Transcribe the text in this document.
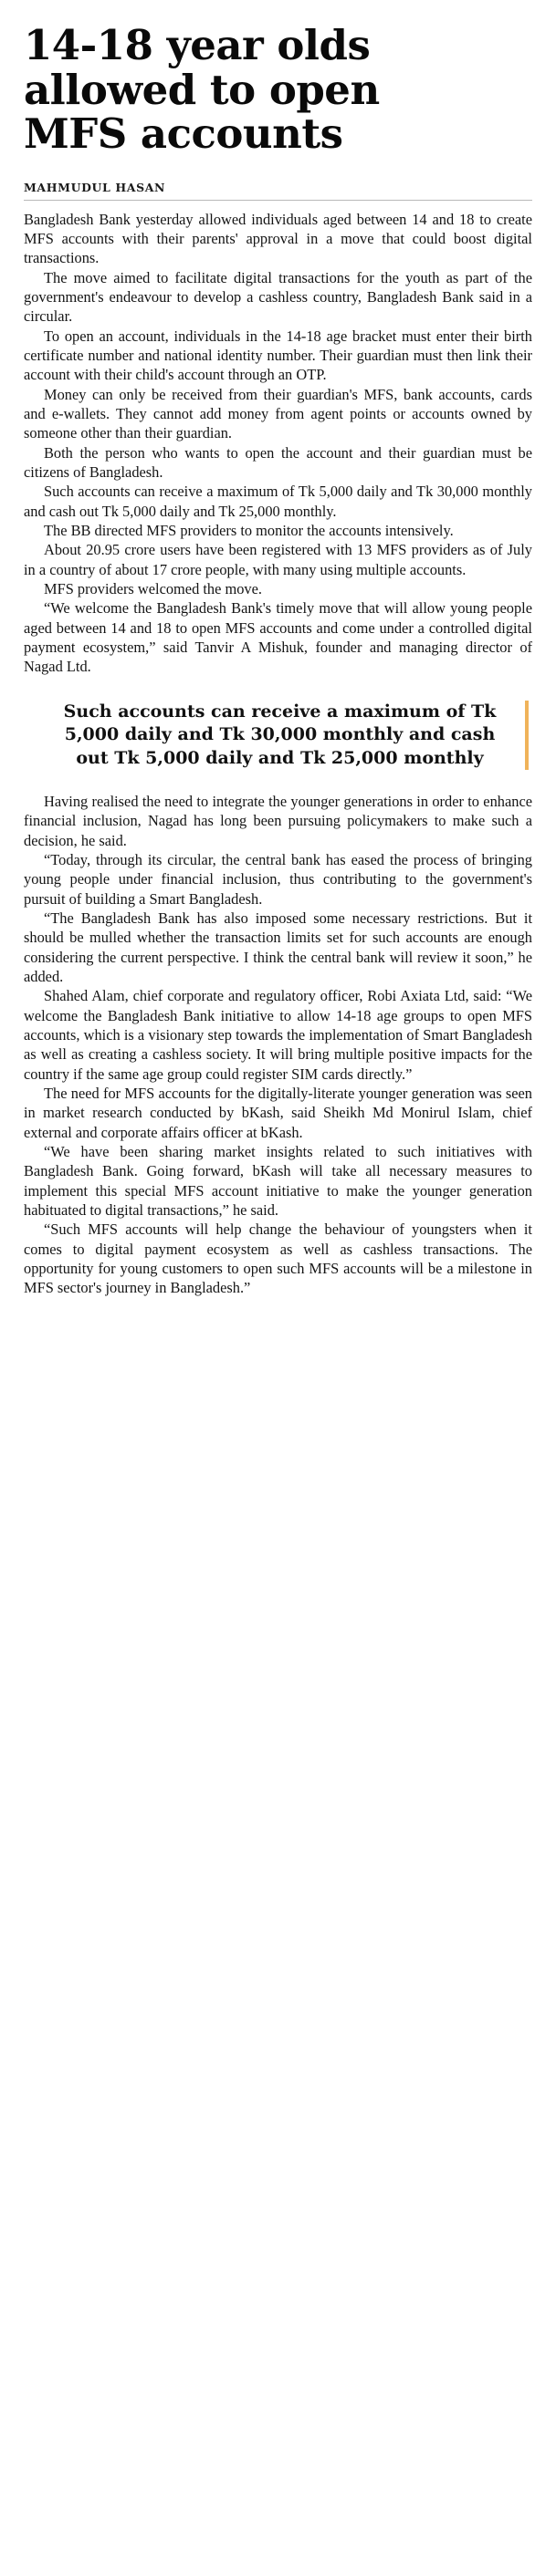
14-18 year olds
allowed to open
MFS accounts
MAHMUDUL HASAN

Bangladesh Bank yesterday allowed individuals aged between 14 and 18 to create MFS accounts with their parents' approval in a move that could boost digital transactions.

The move aimed to facilitate digital transactions for the youth as part of the government's endeavour to develop a cashless country, Bangladesh Bank said in a circular.

To open an account, individuals in the 14-18 age bracket must enter their birth certificate number and national identity number. Their guardian must then link their account with their child's account through an OTP.

Money can only be received from their guardian's MFS, bank accounts, cards and e-wallets. They cannot add money from agent points or accounts owned by someone other than their guardian.

Both the person who wants to open the account and their guardian must be citizens of Bangladesh.

Such accounts can receive a maximum of Tk 5,000 daily and Tk 30,000 monthly and cash out Tk 5,000 daily and Tk 25,000 monthly.

The BB directed MFS providers to monitor the accounts intensively.

About 20.95 crore users have been registered with 13 MFS providers as of July in a country of about 17 crore people, with many using multiple accounts.

MFS providers welcomed the move.

“We welcome the Bangladesh Bank's timely move that will allow young people aged between 14 and 18 to open MFS accounts and come under a controlled digital payment ecosystem,” said Tanvir A Mishuk, founder and managing director of Nagad Ltd.

Such accounts can receive a maximum of Tk 5,000 daily and Tk 30,000 monthly and cash out Tk 5,000 daily and Tk 25,000 monthly

Having realised the need to integrate the younger generations in order to enhance financial inclusion, Nagad has long been pursuing policymakers to make such a decision, he said.

“Today, through its circular, the central bank has eased the process of bringing young people under financial inclusion, thus contributing to the government's pursuit of building a Smart Bangladesh.

“The Bangladesh Bank has also imposed some necessary restrictions. But it should be mulled whether the transaction limits set for such accounts are enough considering the current perspective. I think the central bank will review it soon,” he added.

Shahed Alam, chief corporate and regulatory officer, Robi Axiata Ltd, said: “We welcome the Bangladesh Bank initiative to allow 14-18 age groups to open MFS accounts, which is a visionary step towards the implementation of Smart Bangladesh as well as creating a cashless society. It will bring multiple positive impacts for the country if the same age group could register SIM cards directly.”

The need for MFS accounts for the digitally-literate younger generation was seen in market research conducted by bKash, said Sheikh Md Monirul Islam, chief external and corporate affairs officer at bKash.

“We have been sharing market insights related to such initiatives with Bangladesh Bank. Going forward, bKash will take all necessary measures to implement this special MFS account initiative to make the younger generation habituated to digital transactions,” he said.

“Such MFS accounts will help change the behaviour of youngsters when it comes to digital payment ecosystem as well as cashless transactions. The opportunity for young customers to open such MFS accounts will be a milestone in MFS sector's journey in Bangladesh.”
